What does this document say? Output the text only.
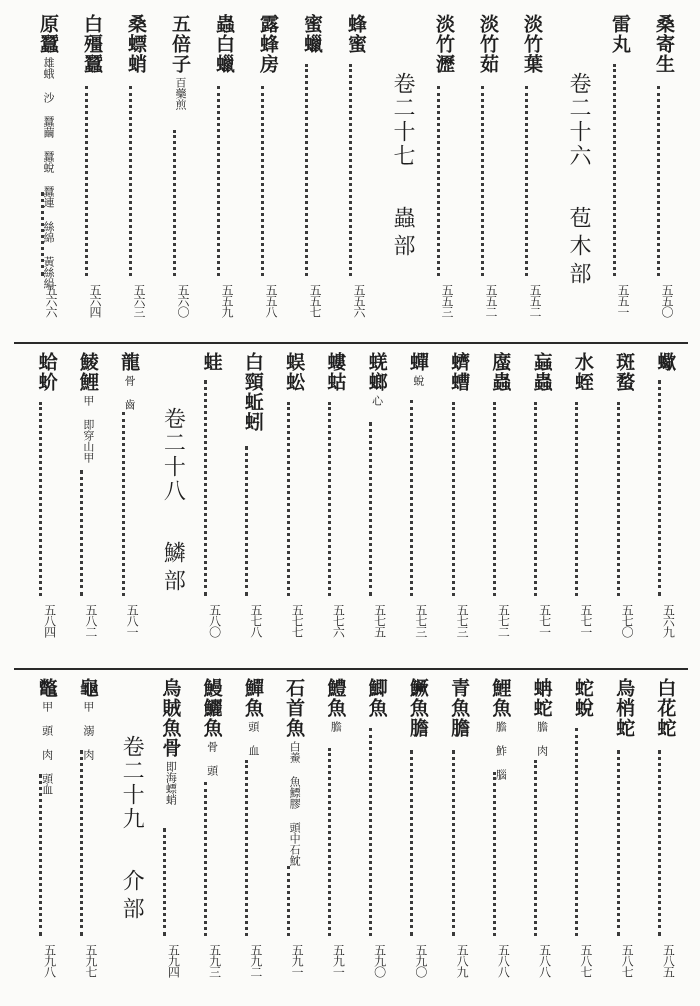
桑寄生
五五〇
雷丸
五五一
卷二十六
苞木部
淡竹葉
五五二
淡竹茹
五五二
淡竹瀝
五五三
卷二十七
蟲部
蜂蜜
五五六
蜜蠟
五五七
露蜂房
五五八
蟲白蠟
五五九
五倍子百藥煎
五六〇
桑螵蛸
五六三
白殭蠶
五六四
原蠶雄蛾 沙 蠶繭 蠶蛻 蠶連 絲綿 黃絲絹
五六六
蠍
五六九
斑蝥
五七〇
水蛭
五七一
蝱蟲
五七一
䗪蟲
五七二
蠐螬
五七三
蟬蛻
五七三
蜣螂心
五七五
螻蛄
五七六
蜈蚣
五七七
白頸蚯蚓
五七八
蛙
五八〇
卷二十八
鱗部
龍骨 齒
五八一
鯪鯉甲 即穿山甲
五八二
蛤蚧
五八四
白花蛇
五八五
烏梢蛇
五八七
蛇蛻
五八七
蚺蛇膽 肉
五八八
鯉魚膽 鮓 腦
五八八
青魚膽
五八九
鱖魚膽
五九〇
鯽魚
五九〇
鱧魚膽
五九一
石首魚白鯗 魚鰾膠 頭中石魫
五九一
鱓魚頭 血
五九二
鰻鱺魚骨 頭
五九三
烏賊魚骨即海螵蛸
五九四
卷二十九
介部
龜甲 溺 肉
五九七
鼈甲 頭 肉 頭血
五九八
